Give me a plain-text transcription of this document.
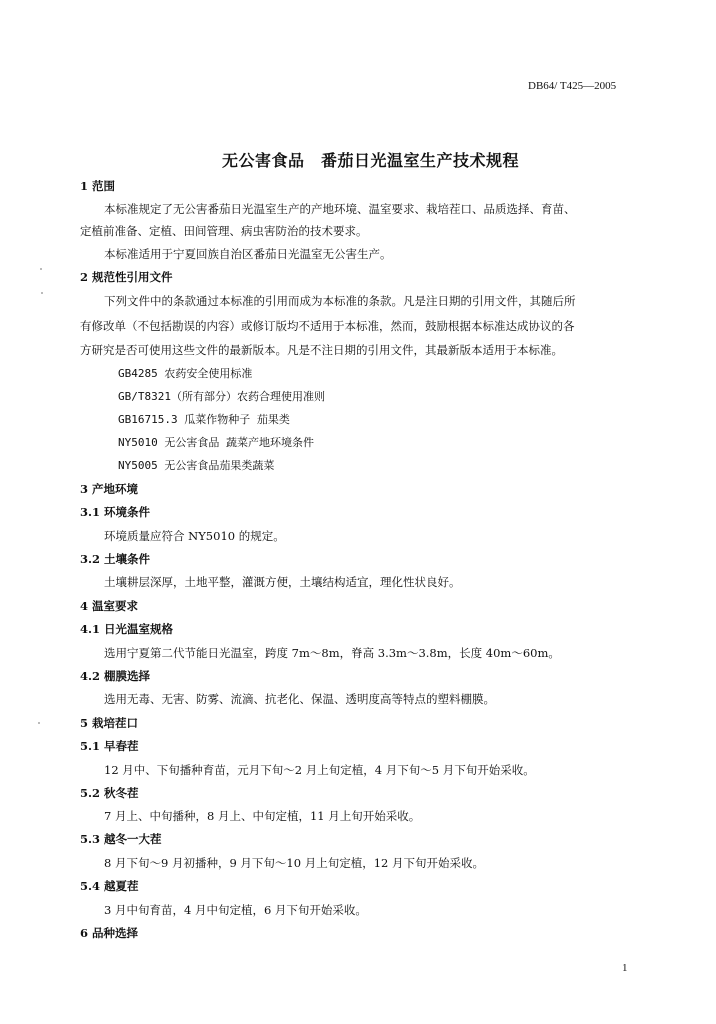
DB64/ T425—2005
无公害食品　番茄日光温室生产技术规程
1 范围
本标准规定了无公害番茄日光温室生产的产地环境、温室要求、栽培茬口、品质选择、育苗、
定植前准备、定植、田间管理、病虫害防治的技术要求。
本标准适用于宁夏回族自治区番茄日光温室无公害生产。
2 规范性引用文件
下列文件中的条款通过本标准的引用而成为本标准的条款。凡是注日期的引用文件，其随后所
有修改单（不包括勘误的内容）或修订版均不适用于本标准，然而，鼓励根据本标准达成协议的各
方研究是否可使用这些文件的最新版本。凡是不注日期的引用文件，其最新版本适用于本标准。
GB4285 农药安全使用标准
GB/T8321（所有部分）农药合理使用准则
GB16715.3 瓜菜作物种子 茄果类
NY5010 无公害食品 蔬菜产地环境条件
NY5005 无公害食品茄果类蔬菜
3 产地环境
3.1 环境条件
环境质量应符合 NY5010 的规定。
3.2 土壤条件
土壤耕层深厚，土地平整，灌溉方便，土壤结构适宜，理化性状良好。
4 温室要求
4.1 日光温室规格
选用宁夏第二代节能日光温室，跨度 7m～8m，脊高 3.3m～3.8m，长度 40m～60m。
4.2 棚膜选择
选用无毒、无害、防雾、流滴、抗老化、保温、透明度高等特点的塑料棚膜。
5 栽培茬口
5.1 早春茬
12 月中、下旬播种育苗，元月下旬～2 月上旬定植，4 月下旬～5 月下旬开始采收。
5.2 秋冬茬
7 月上、中旬播种，8 月上、中旬定植，11 月上旬开始采收。
5.3 越冬一大茬
8 月下旬～9 月初播种，9 月下旬～10 月上旬定植，12 月下旬开始采收。
5.4 越夏茬
3 月中旬育苗，4 月中旬定植，6 月下旬开始采收。
6 品种选择
1
